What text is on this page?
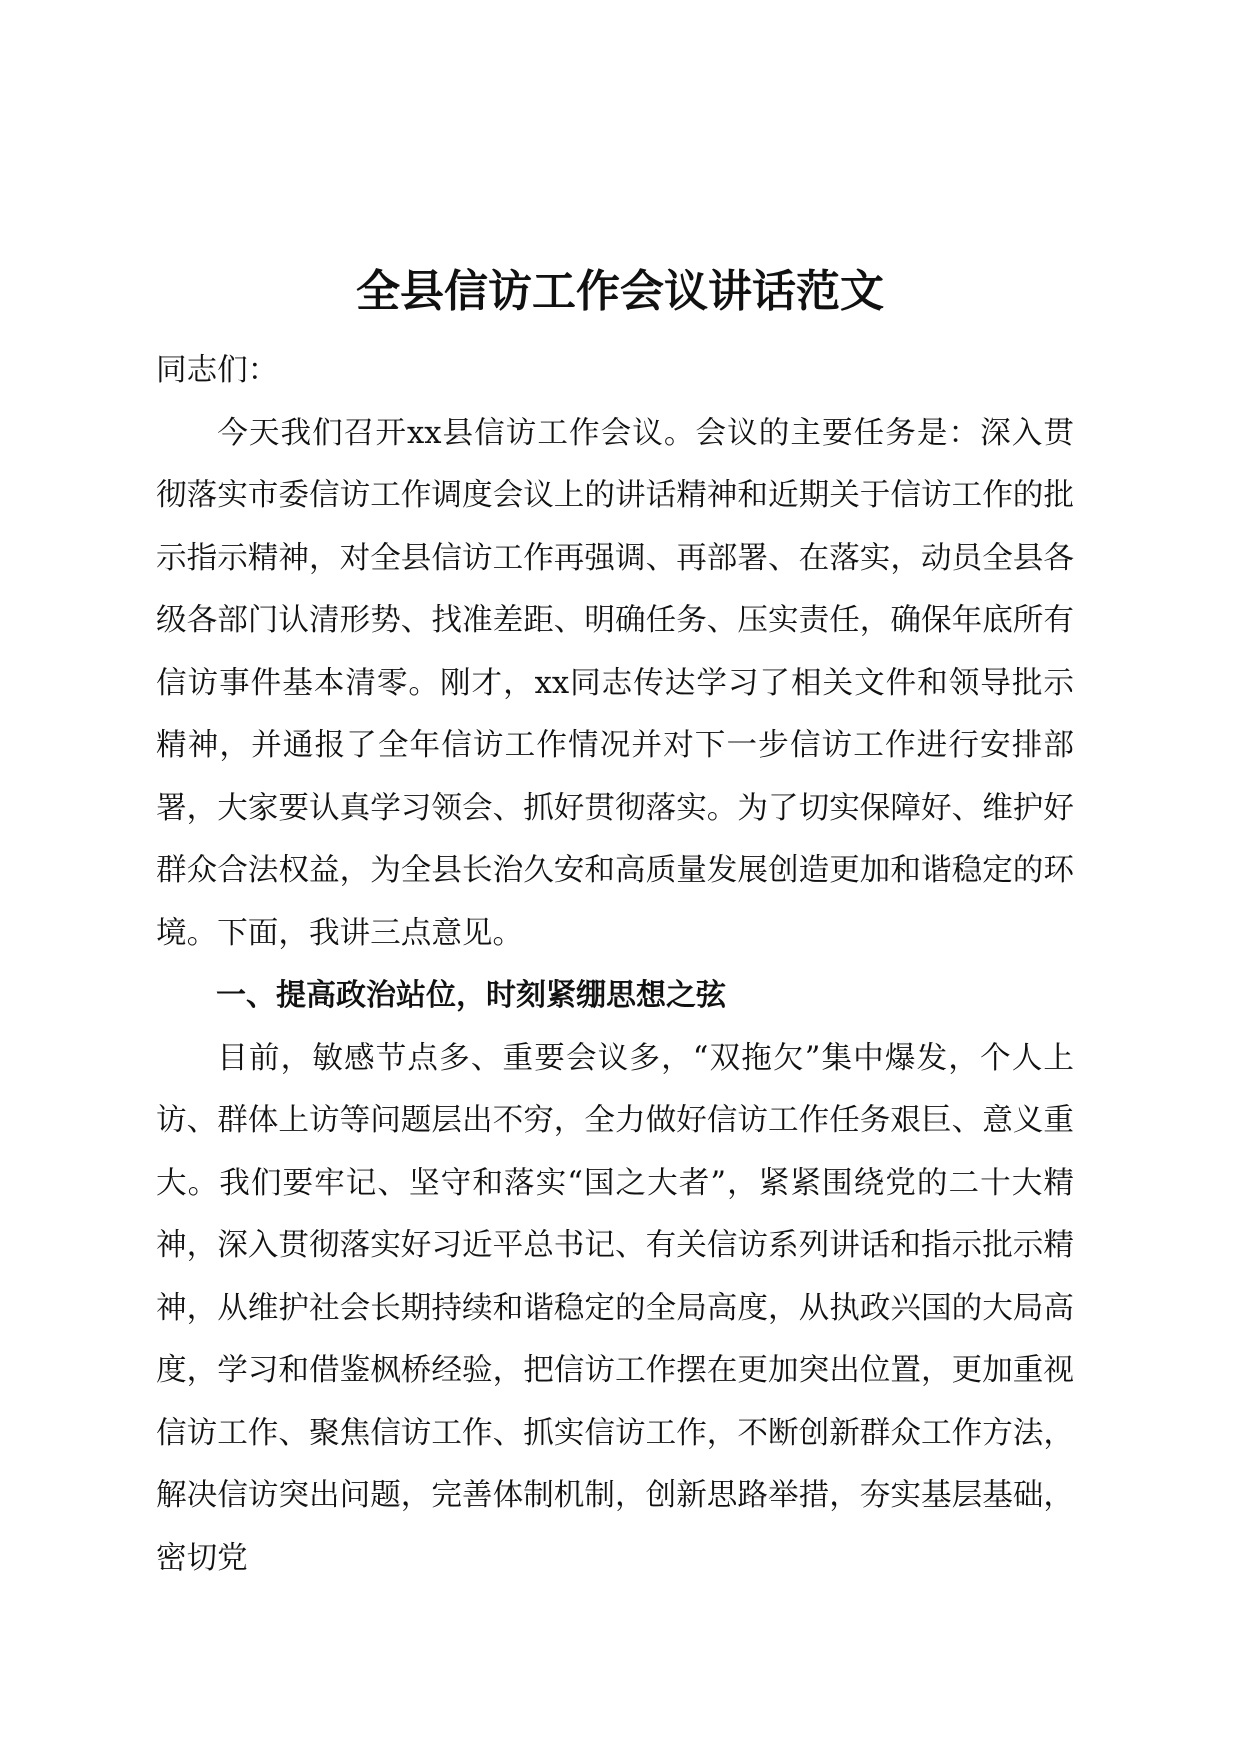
全县信访工作会议讲话范文

同志们：

今天我们召开xx县信访工作会议。会议的主要任务是：深入贯彻落实市委信访工作调度会议上的讲话精神和近期关于信访工作的批示指示精神，对全县信访工作再强调、再部署、在落实，动员全县各级各部门认清形势、找准差距、明确任务、压实责任，确保年底所有信访事件基本清零。刚才，xx同志传达学习了相关文件和领导批示精神，并通报了全年信访工作情况并对下一步信访工作进行安排部署，大家要认真学习领会、抓好贯彻落实。为了切实保障好、维护好群众合法权益，为全县长治久安和高质量发展创造更加和谐稳定的环境。下面，我讲三点意见。

一、提高政治站位，时刻紧绷思想之弦

目前，敏感节点多、重要会议多，“双拖欠”集中爆发，个人上访、群体上访等问题层出不穷，全力做好信访工作任务艰巨、意义重大。我们要牢记、坚守和落实“国之大者”，紧紧围绕党的二十大精神，深入贯彻落实好习近平总书记、有关信访系列讲话和指示批示精神，从维护社会长期持续和谐稳定的全局高度，从执政兴国的大局高度，学习和借鉴枫桥经验，把信访工作摆在更加突出位置，更加重视信访工作、聚焦信访工作、抓实信访工作，不断创新群众工作方法，解决信访突出问题，完善体制机制，创新思路举措，夯实基层基础，密切党
